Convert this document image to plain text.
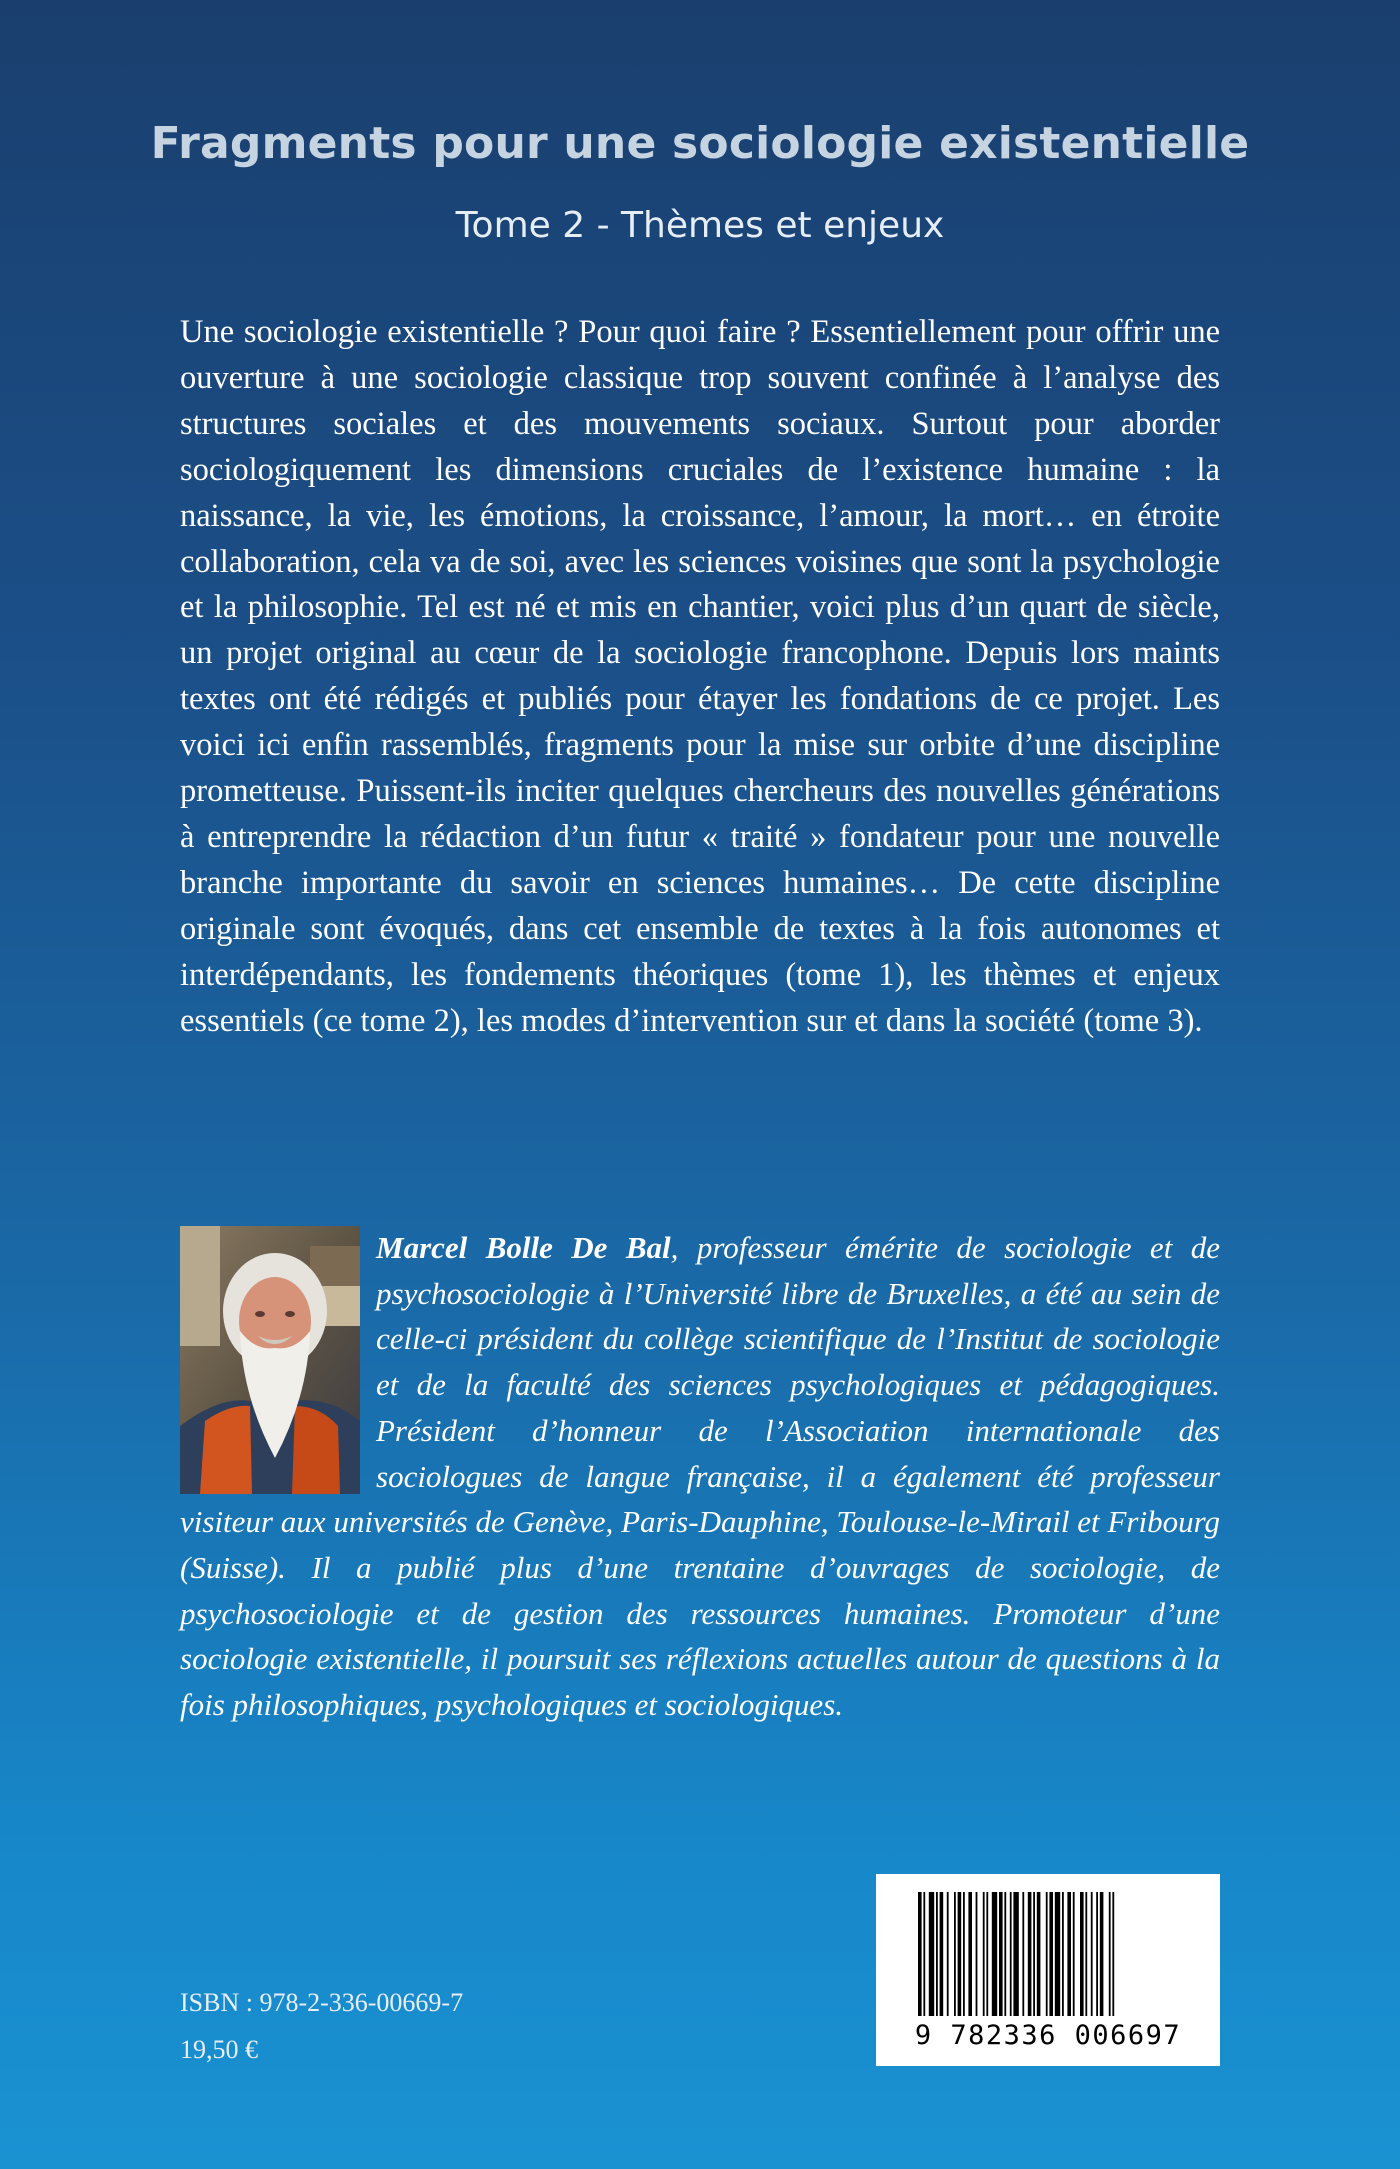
Fragments pour une sociologie existentielle
Tome 2 - Thèmes et enjeux

Une sociologie existentielle ? Pour quoi faire ? Essentiellement pour offrir une ouverture à une sociologie classique trop souvent confinée à l’analyse des structures sociales et des mouvements sociaux. Surtout pour aborder sociologiquement les dimensions cruciales de l’existence humaine : la naissance, la vie, les émotions, la croissance, l’amour, la mort… en étroite collaboration, cela va de soi, avec les sciences voisines que sont la psychologie et la philosophie. Tel est né et mis en chantier, voici plus d’un quart de siècle, un projet original au cœur de la sociologie francophone. Depuis lors maints textes ont été rédigés et publiés pour étayer les fondations de ce projet. Les voici ici enfin rassemblés, fragments pour la mise sur orbite d’une discipline prometteuse. Puissent-ils inciter quelques chercheurs des nouvelles générations à entreprendre la rédaction d’un futur « traité » fondateur pour une nouvelle branche importante du savoir en sciences humaines… De cette discipline originale sont évoqués, dans cet ensemble de textes à la fois autonomes et interdépendants, les fondements théoriques (tome 1), les thèmes et enjeux essentiels (ce tome 2), les modes d’intervention sur et dans la société (tome 3).

Marcel Bolle De Bal, professeur émérite de sociologie et de psychosociologie à l’Université libre de Bruxelles, a été au sein de celle-ci président du collège scientifique de l’Institut de sociologie et de la faculté des sciences psychologiques et pédagogiques. Président d’honneur de l’Association internationale des sociologues de langue française, il a également été professeur visiteur aux universités de Genève, Paris-Dauphine, Toulouse-le-Mirail et Fribourg (Suisse). Il a publié plus d’une trentaine d’ouvrages de sociologie, de psychosociologie et de gestion des ressources humaines. Promoteur d’une sociologie existentielle, il poursuit ses réflexions actuelles autour de questions à la fois philosophiques, psychologiques et sociologiques.

ISBN : 978-2-336-00669-7
19,50 €	9 782336 006697
